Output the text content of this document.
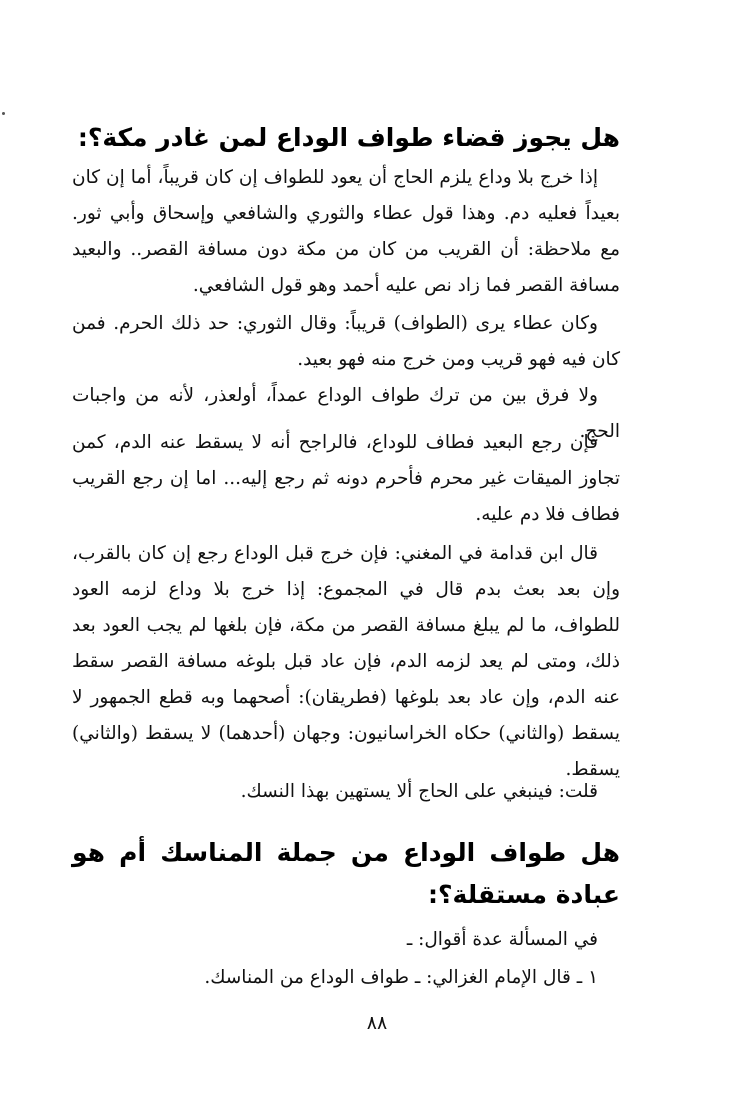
هل يجوز قضاء طواف الوداع لمن غادر مكة؟:

إذا خرج بلا وداع يلزم الحاج أن يعود للطواف إن كان قريباً، أما إن كان بعيداً فعليه دم. وهذا قول عطاء والثوري والشافعي وإسحاق وأبي ثور. مع ملاحظة: أن القريب من كان من مكة دون مسافة القصر.. والبعيد مسافة القصر فما زاد نص عليه أحمد وهو قول الشافعي.

وكان عطاء يرى (الطواف) قريباً: وقال الثوري: حد ذلك الحرم. فمن كان فيه فهو قريب ومن خرج منه فهو بعيد.

ولا فرق بين من ترك طواف الوداع عمداً، أولعذر، لأنه من واجبات الحج.

فإن رجع البعيد فطاف للوداع، فالراجح أنه لا يسقط عنه الدم، كمن تجاوز الميقات غير محرم فأحرم دونه ثم رجع إليه... اما إن رجع القريب فطاف فلا دم عليه.

قال ابن قدامة في المغني: فإن خرج قبل الوداع رجع إن كان بالقرب، وإن بعد بعث بدم قال في المجموع: إذا خرج بلا وداع لزمه العود للطواف، ما لم يبلغ مسافة القصر من مكة، فإن بلغها لم يجب العود بعد ذلك، ومتى لم يعد لزمه الدم، فإن عاد قبل بلوغه مسافة القصر سقط عنه الدم، وإن عاد بعد بلوغها (فطريقان): أصحهما وبه قطع الجمهور لا يسقط (والثاني) حكاه الخراسانيون: وجهان (أحدهما) لا يسقط (والثاني) يسقط.

قلت: فينبغي على الحاج ألا يستهين بهذا النسك.

هل طواف الوداع من جملة المناسك أم هو عبادة مستقلة؟:

في المسألة عدة أقوال: ـ

١ ـ قال الإمام الغزالي: ـ طواف الوداع من المناسك.

٨٨
